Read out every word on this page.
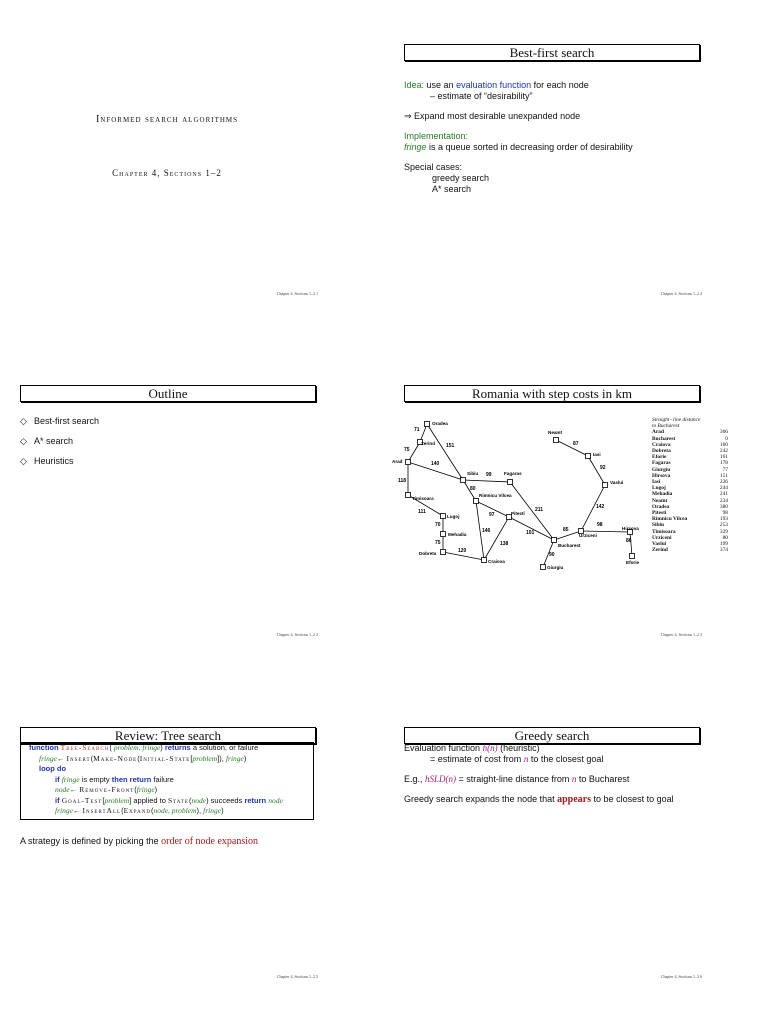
Informed search algorithms
Chapter 4, Sections 1–2
Chapter 4, Sections 1–2 1
Best-first search
Idea: use an evaluation function for each node
– estimate of “desirability”
⇒ Expand most desirable unexpanded node
Implementation:
fringe is a queue sorted in decreasing order of desirability
Special cases:
greedy search
A* search
Chapter 4, Sections 1–2 4
Outline
◇ Best-first search
◇ A* search
◇ Heuristics
Chapter 4, Sections 1–2 2
Romania with step costs in km
Oradea
Zerind
Arad
Timisoara
Lugoj
Mehadia
Dobreta
Craiova
Sibiu	Fagaras
Rimnicu Vilcea
Pitesti
Bucharest
Giurgiu
Urziceni
Hirsova
Eforie
Vaslui
Iasi
Neamt
71
75
151
140
118
111
70
75
120
99
80
97
146
138
211
101
90
85
98
86
142
92
87
Straight−line distance
to Bucharest
Arad	366
Bucharest	0
Craiova	160
Dobreta	242
Eforie	161
Fagaras	178
Giurgiu	77
Hirsova	151
Iasi	226
Lugoj	244
Mehadia	241
Neamt	234
Oradea	380
Pitesti	98
Rimnicu Vilcea	193
Sibiu	253
Timisoara	329
Urziceni	80
Vaslui	199
Zerind	374
Chapter 4, Sections 1–2 3
Review: Tree search
function Tree-Search( problem, fringe) returns a solution, or failure
fringe← Insert(Make-Node(Initial-State[problem]), fringe)
loop do
if fringe is empty then return failure
node← Remove-Front(fringe)
if Goal-Test[problem] applied to State(node) succeeds return node
fringe← InsertAll(Expand(node, problem), fringe)
A strategy is defined by picking the order of node expansion
Chapter 4, Sections 1–2 5
Greedy search
Evaluation function h(n) (heuristic)
= estimate of cost from n to the closest goal
E.g., hSLD(n) = straight-line distance from n to Bucharest
Greedy search expands the node that appears to be closest to goal
Chapter 4, Sections 1–2 6
